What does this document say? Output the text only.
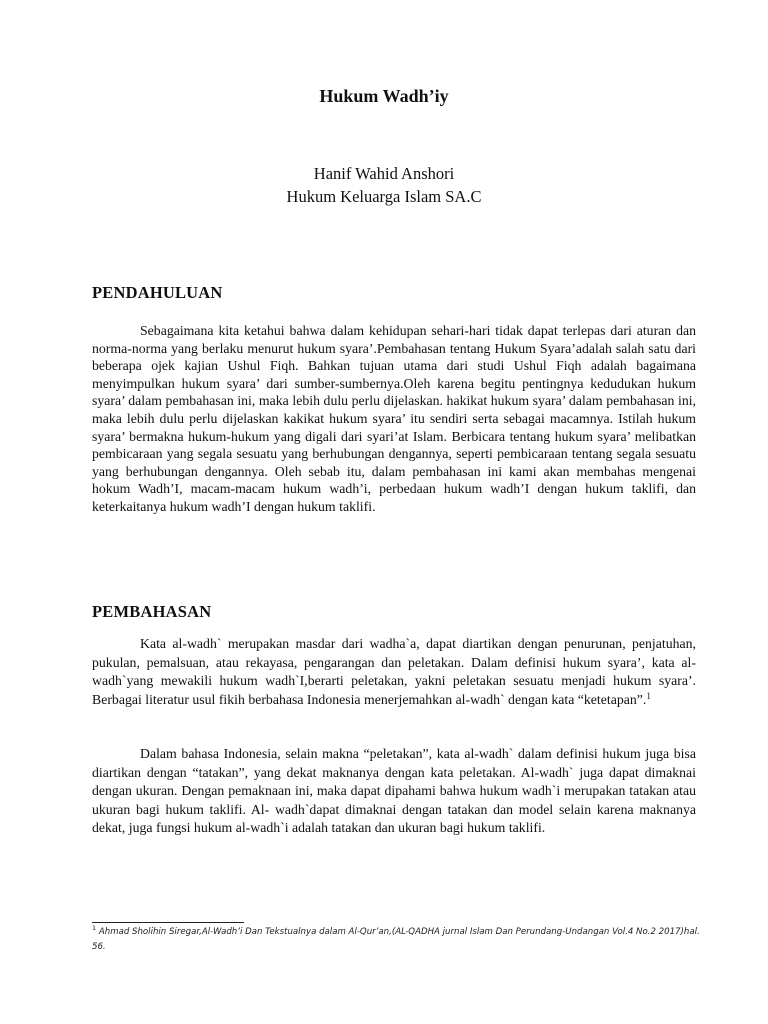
Hukum Wadh’iy
Hanif Wahid Anshori
Hukum Keluarga Islam SA.C
PENDAHULUAN

Sebagaimana kita ketahui bahwa dalam kehidupan sehari-hari tidak dapat terlepas dari aturan dan norma-norma yang berlaku menurut hukum syara’.Pembahasan tentang Hukum Syara’adalah salah satu dari beberapa ojek kajian Ushul Fiqh. Bahkan tujuan utama dari studi Ushul Fiqh adalah bagaimana menyimpulkan hukum syara’ dari sumber-sumbernya.Oleh karena begitu pentingnya kedudukan hukum syara’ dalam pembahasan ini, maka lebih dulu perlu dijelaskan. hakikat hukum syara’ dalam pembahasan ini, maka lebih dulu perlu dijelaskan kakikat hukum syara’ itu sendiri serta sebagai macamnya. Istilah hukum syara’ bermakna hukum-hukum yang digali dari syari’at Islam. Berbicara tentang hukum syara’ melibatkan pembicaraan yang segala sesuatu yang berhubungan dengannya, seperti pembicaraan tentang segala sesuatu yang berhubungan dengannya. Oleh sebab itu, dalam pembahasan ini kami akan membahas mengenai hokum Wadh’I, macam-macam hukum wadh’i, perbedaan hukum wadh’I dengan hukum taklifi, dan keterkaitanya hukum wadh’I dengan hukum taklifi.

PEMBAHASAN

Kata al-wadh` merupakan masdar dari wadha`a, dapat diartikan dengan penurunan, penjatuhan, pukulan, pemalsuan, atau rekayasa, pengarangan dan peletakan. Dalam definisi hukum syara’, kata al-wadh`yang mewakili hukum wadh`I,berarti peletakan, yakni peletakan sesuatu menjadi hukum syara’. Berbagai literatur usul fikih berbahasa Indonesia menerjemahkan al-wadh` dengan kata “ketetapan”.$^1$

Dalam bahasa Indonesia, selain makna “peletakan”, kata al-wadh` dalam definisi hukum juga bisa diartikan dengan “tatakan”, yang dekat maknanya dengan kata peletakan. Al-wadh` juga dapat dimaknai dengan ukuran. Dengan pemaknaan ini, maka dapat dipahami bahwa hukum wadh`i merupakan tatakan atau ukuran bagi hukum taklifi. Al- wadh`dapat dimaknai dengan tatakan dan model selain karena maknanya dekat, juga fungsi hukum al-wadh`i adalah tatakan dan ukuran bagi hukum taklifi.

$^1$ Ahmad Sholihin Siregar,Al-Wadh’i Dan Tekstualnya dalam Al-Qur’an,(AL-QADHA jurnal Islam Dan Perundang-Undangan Vol.4 No.2 2017)hal. 56.
